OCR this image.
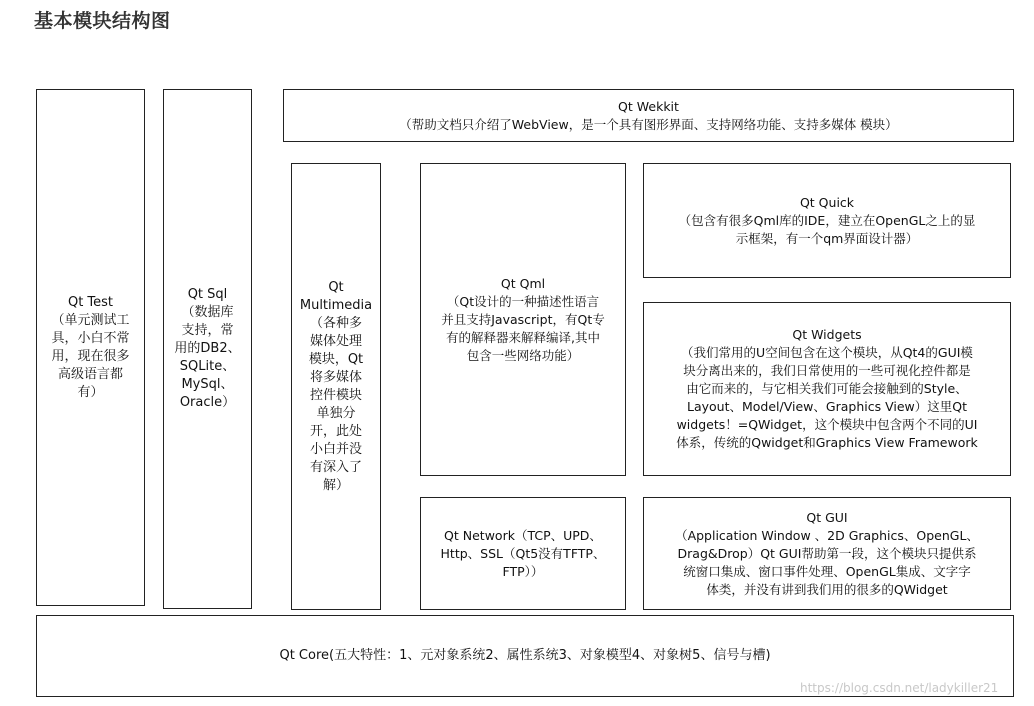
基本模块结构图
Qt Test
（单元测试工
具，小白不常
用，现在很多
高级语言都
有）
Qt Sql
（数据库
支持，常
用的DB2、
SQLite、
MySql、
Oracle）
Qt Wekkit
（帮助文档只介绍了WebView，是一个具有图形界面、支持网络功能、支持多媒体 模块）
Qt
Multimedia
（各种多
媒体处理
模块，Qt
将多媒体
控件模块
单独分
开，此处
小白并没
有深入了
解）
Qt Qml
（Qt设计的一种描述性语言
并且支持Javascript，有Qt专
有的解释器来解释编译,其中
包含一些网络功能）
Qt Quick
（包含有很多Qml库的IDE，建立在OpenGL之上的显
示框架，有一个qm界面设计器）
Qt Widgets
（我们常用的U空间包含在这个模块，从Qt4的GUI模
块分离出来的，我们日常使用的一些可视化控件都是
由它而来的，与它相关我们可能会接触到的Style、
Layout、Model/View、Graphics View）这里Qt
widgets！=QWidget，这个模块中包含两个不同的UI
体系，传统的Qwidget和Graphics View Framework
Qt Network（TCP、UPD、
Http、SSL（Qt5没有TFTP、
FTP））
Qt GUI
（Application Window 、2D Graphics、OpenGL、
Drag&Drop）Qt GUI帮助第一段，这个模块只提供系
统窗口集成、窗口事件处理、OpenGL集成、文字字
体类，并没有讲到我们用的很多的QWidget
Qt Core(五大特性：1、元对象系统2、属性系统3、对象模型4、对象树5、信号与槽)
https://blog.csdn.net/ladykiller21
